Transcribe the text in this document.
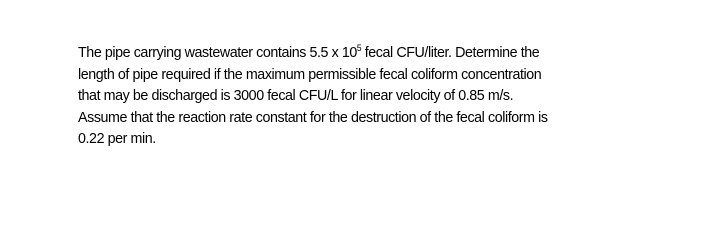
The pipe carrying wastewater contains 5.5 x $10^5$ fecal CFU/liter. Determine the
length of pipe required if the maximum permissible fecal coliform concentration
that may be discharged is 3000 fecal CFU/L for linear velocity of 0.85 m/s.
Assume that the reaction rate constant for the destruction of the fecal coliform is
0.22 per min.
